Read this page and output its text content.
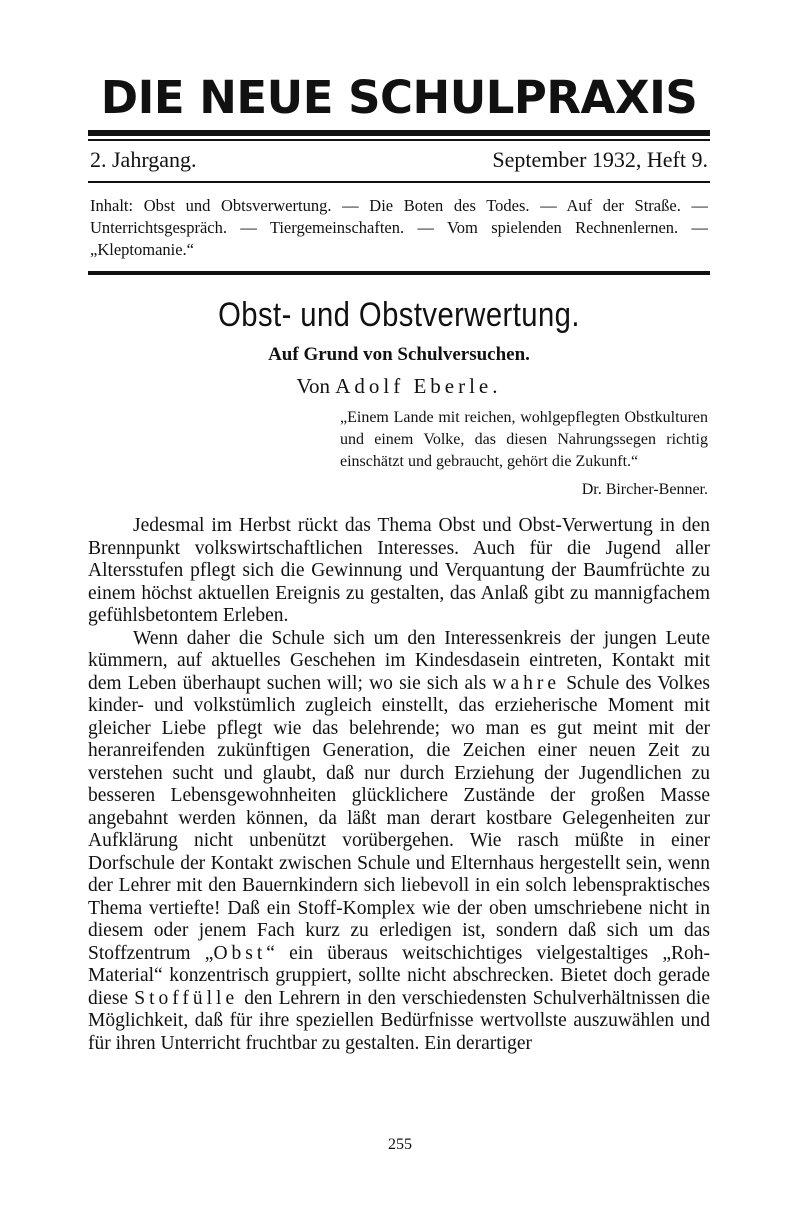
DIE NEUE SCHULPRAXIS
2. Jahrgang.	September 1932, Heft 9.
Inhalt: Obst und Obtsverwertung. — Die Boten des Todes. — Auf der Straße. — Unterrichtsgespräch. — Tiergemeinschaften. — Vom spielenden Rechnenlernen. — „Kleptomanie.“
Obst- und Obstverwertung.
Auf Grund von Schulversuchen.
Von Adolf Eberle.
„Einem Lande mit reichen, wohlgepflegten Obstkulturen und einem Volke, das diesen Nahrungssegen richtig einschätzt und gebraucht, gehört die Zukunft.“
Dr. Bircher-Benner.

Jedesmal im Herbst rückt das Thema Obst und Obst-Verwertung in den Brennpunkt volkswirtschaftlichen Interesses. Auch für die Jugend aller Altersstufen pflegt sich die Gewinnung und Verquantung der Baumfrüchte zu einem höchst aktuellen Ereignis zu gestalten, das Anlaß gibt zu mannigfachem gefühlsbetontem Erleben.

Wenn daher die Schule sich um den Interessenkreis der jungen Leute kümmern, auf aktuelles Geschehen im Kindesdasein eintreten, Kontakt mit dem Leben überhaupt suchen will; wo sie sich als wahre Schule des Volkes kinder- und volkstümlich zugleich einstellt, das erzieherische Moment mit gleicher Liebe pflegt wie das belehrende; wo man es gut meint mit der heranreifenden zukünftigen Generation, die Zeichen einer neuen Zeit zu verstehen sucht und glaubt, daß nur durch Erziehung der Jugendlichen zu besseren Lebensgewohnheiten glücklichere Zustände der großen Masse angebahnt werden können, da läßt man derart kostbare Gelegenheiten zur Aufklärung nicht unbenützt vorübergehen. Wie rasch müßte in einer Dorfschule der Kontakt zwischen Schule und Elternhaus hergestellt sein, wenn der Lehrer mit den Bauernkindern sich liebevoll in ein solch lebenspraktisches Thema vertiefte! Daß ein Stoff-Komplex wie der oben umschriebene nicht in diesem oder jenem Fach kurz zu erledigen ist, sondern daß sich um das Stoffzentrum „Obst“ ein überaus weitschichtiges vielgestaltiges „Roh-Material“ konzentrisch gruppiert, sollte nicht abschrecken. Bietet doch gerade diese Stoffülle den Lehrern in den verschiedensten Schulverhältnissen die Möglichkeit, daß für ihre speziellen Bedürfnisse wertvollste auszuwählen und für ihren Unterricht fruchtbar zu gestalten. Ein derartiger

255
